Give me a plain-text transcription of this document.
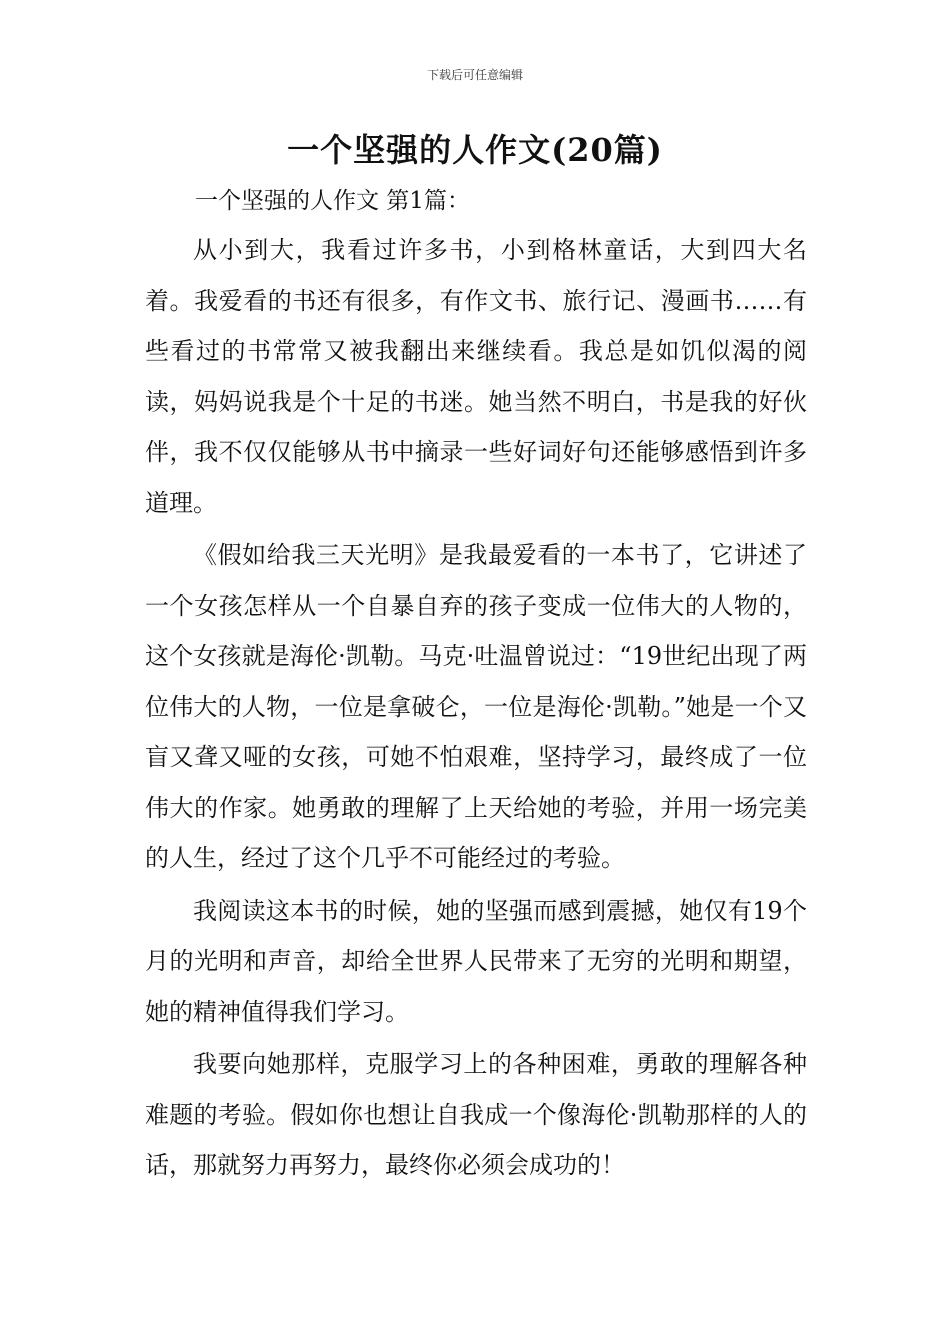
下载后可任意编辑
一个坚强的人作文(20篇)

一个坚强的人作文 第1篇：

从小到大，我看过许多书，小到格林童话，大到四大名着。我爱看的书还有很多，有作文书、旅行记、漫画书……有些看过的书常常又被我翻出来继续看。我总是如饥似渴的阅读，妈妈说我是个十足的书迷。她当然不明白，书是我的好伙伴，我不仅仅能够从书中摘录一些好词好句还能够感悟到许多道理。

《假如给我三天光明》是我最爱看的一本书了，它讲述了一个女孩怎样从一个自暴自弃的孩子变成一位伟大的人物的，这个女孩就是海伦·凯勒。马克·吐温曾说过：“19世纪出现了两位伟大的人物，一位是拿破仑，一位是海伦·凯勒。”她是一个又盲又聋又哑的女孩，可她不怕艰难，坚持学习，最终成了一位伟大的作家。她勇敢的理解了上天给她的考验，并用一场完美的人生，经过了这个几乎不可能经过的考验。

我阅读这本书的时候，她的坚强而感到震撼，她仅有19个月的光明和声音，却给全世界人民带来了无穷的光明和期望，她的精神值得我们学习。

我要向她那样，克服学习上的各种困难，勇敢的理解各种难题的考验。假如你也想让自我成一个像海伦·凯勒那样的人的话，那就努力再努力，最终你必须会成功的！
